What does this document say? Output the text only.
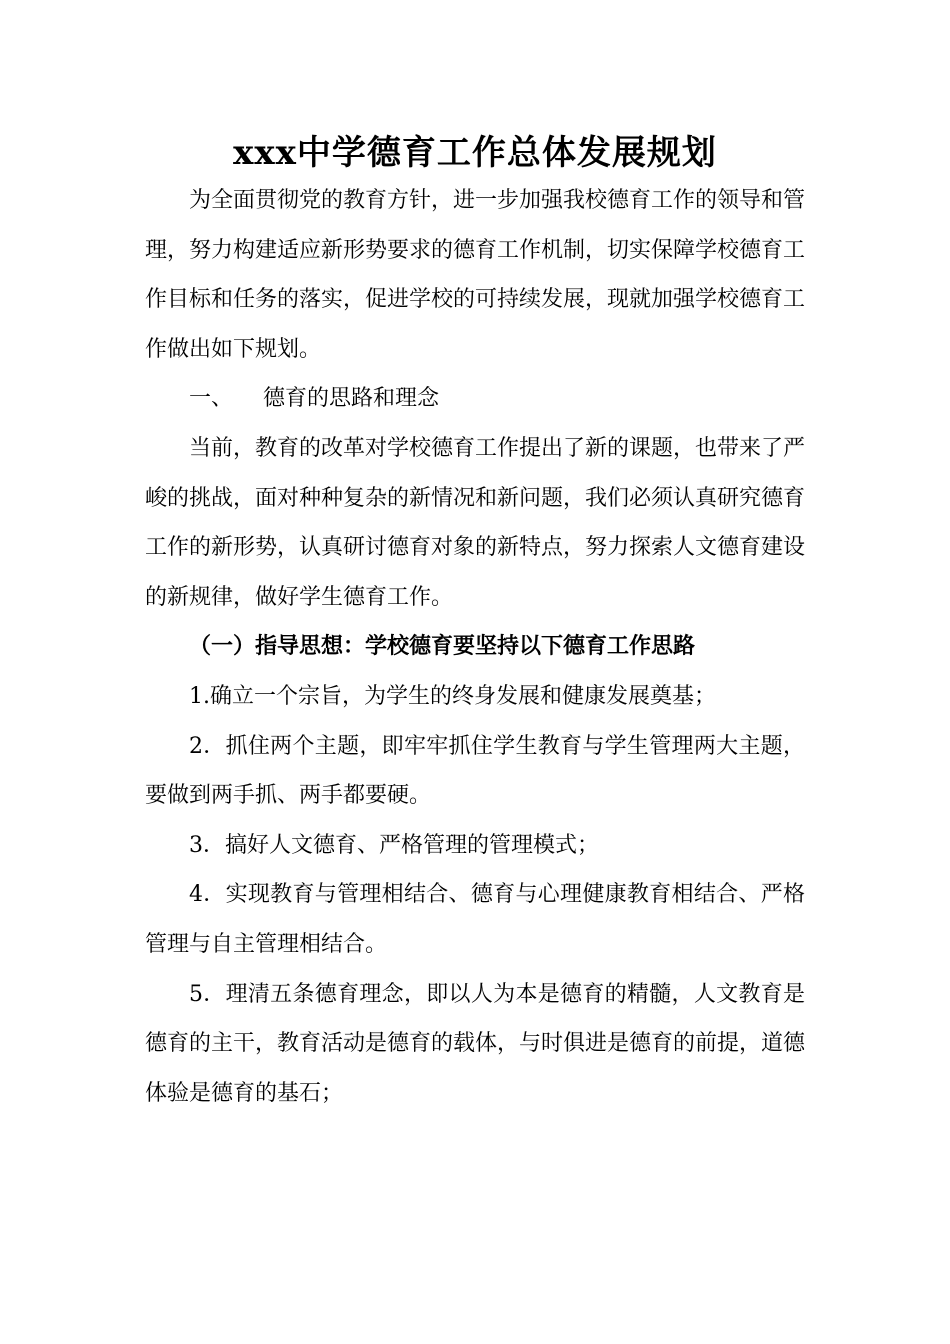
xxx中学德育工作总体发展规划

为全面贯彻党的教育方针，进一步加强我校德育工作的领导和管理，努力构建适应新形势要求的德育工作机制，切实保障学校德育工作目标和任务的落实，促进学校的可持续发展，现就加强学校德育工作做出如下规划。

一、 德育的思路和理念

当前，教育的改革对学校德育工作提出了新的课题，也带来了严峻的挑战，面对种种复杂的新情况和新问题，我们必须认真研究德育工作的新形势，认真研讨德育对象的新特点，努力探索人文德育建设的新规律，做好学生德育工作。

（一）指导思想：学校德育要坚持以下德育工作思路

1.确立一个宗旨，为学生的终身发展和健康发展奠基；

2．抓住两个主题，即牢牢抓住学生教育与学生管理两大主题，要做到两手抓、两手都要硬。

3．搞好人文德育、严格管理的管理模式；

4．实现教育与管理相结合、德育与心理健康教育相结合、严格管理与自主管理相结合。

5．理清五条德育理念，即以人为本是德育的精髓，人文教育是德育的主干，教育活动是德育的载体，与时俱进是德育的前提，道德体验是德育的基石；
